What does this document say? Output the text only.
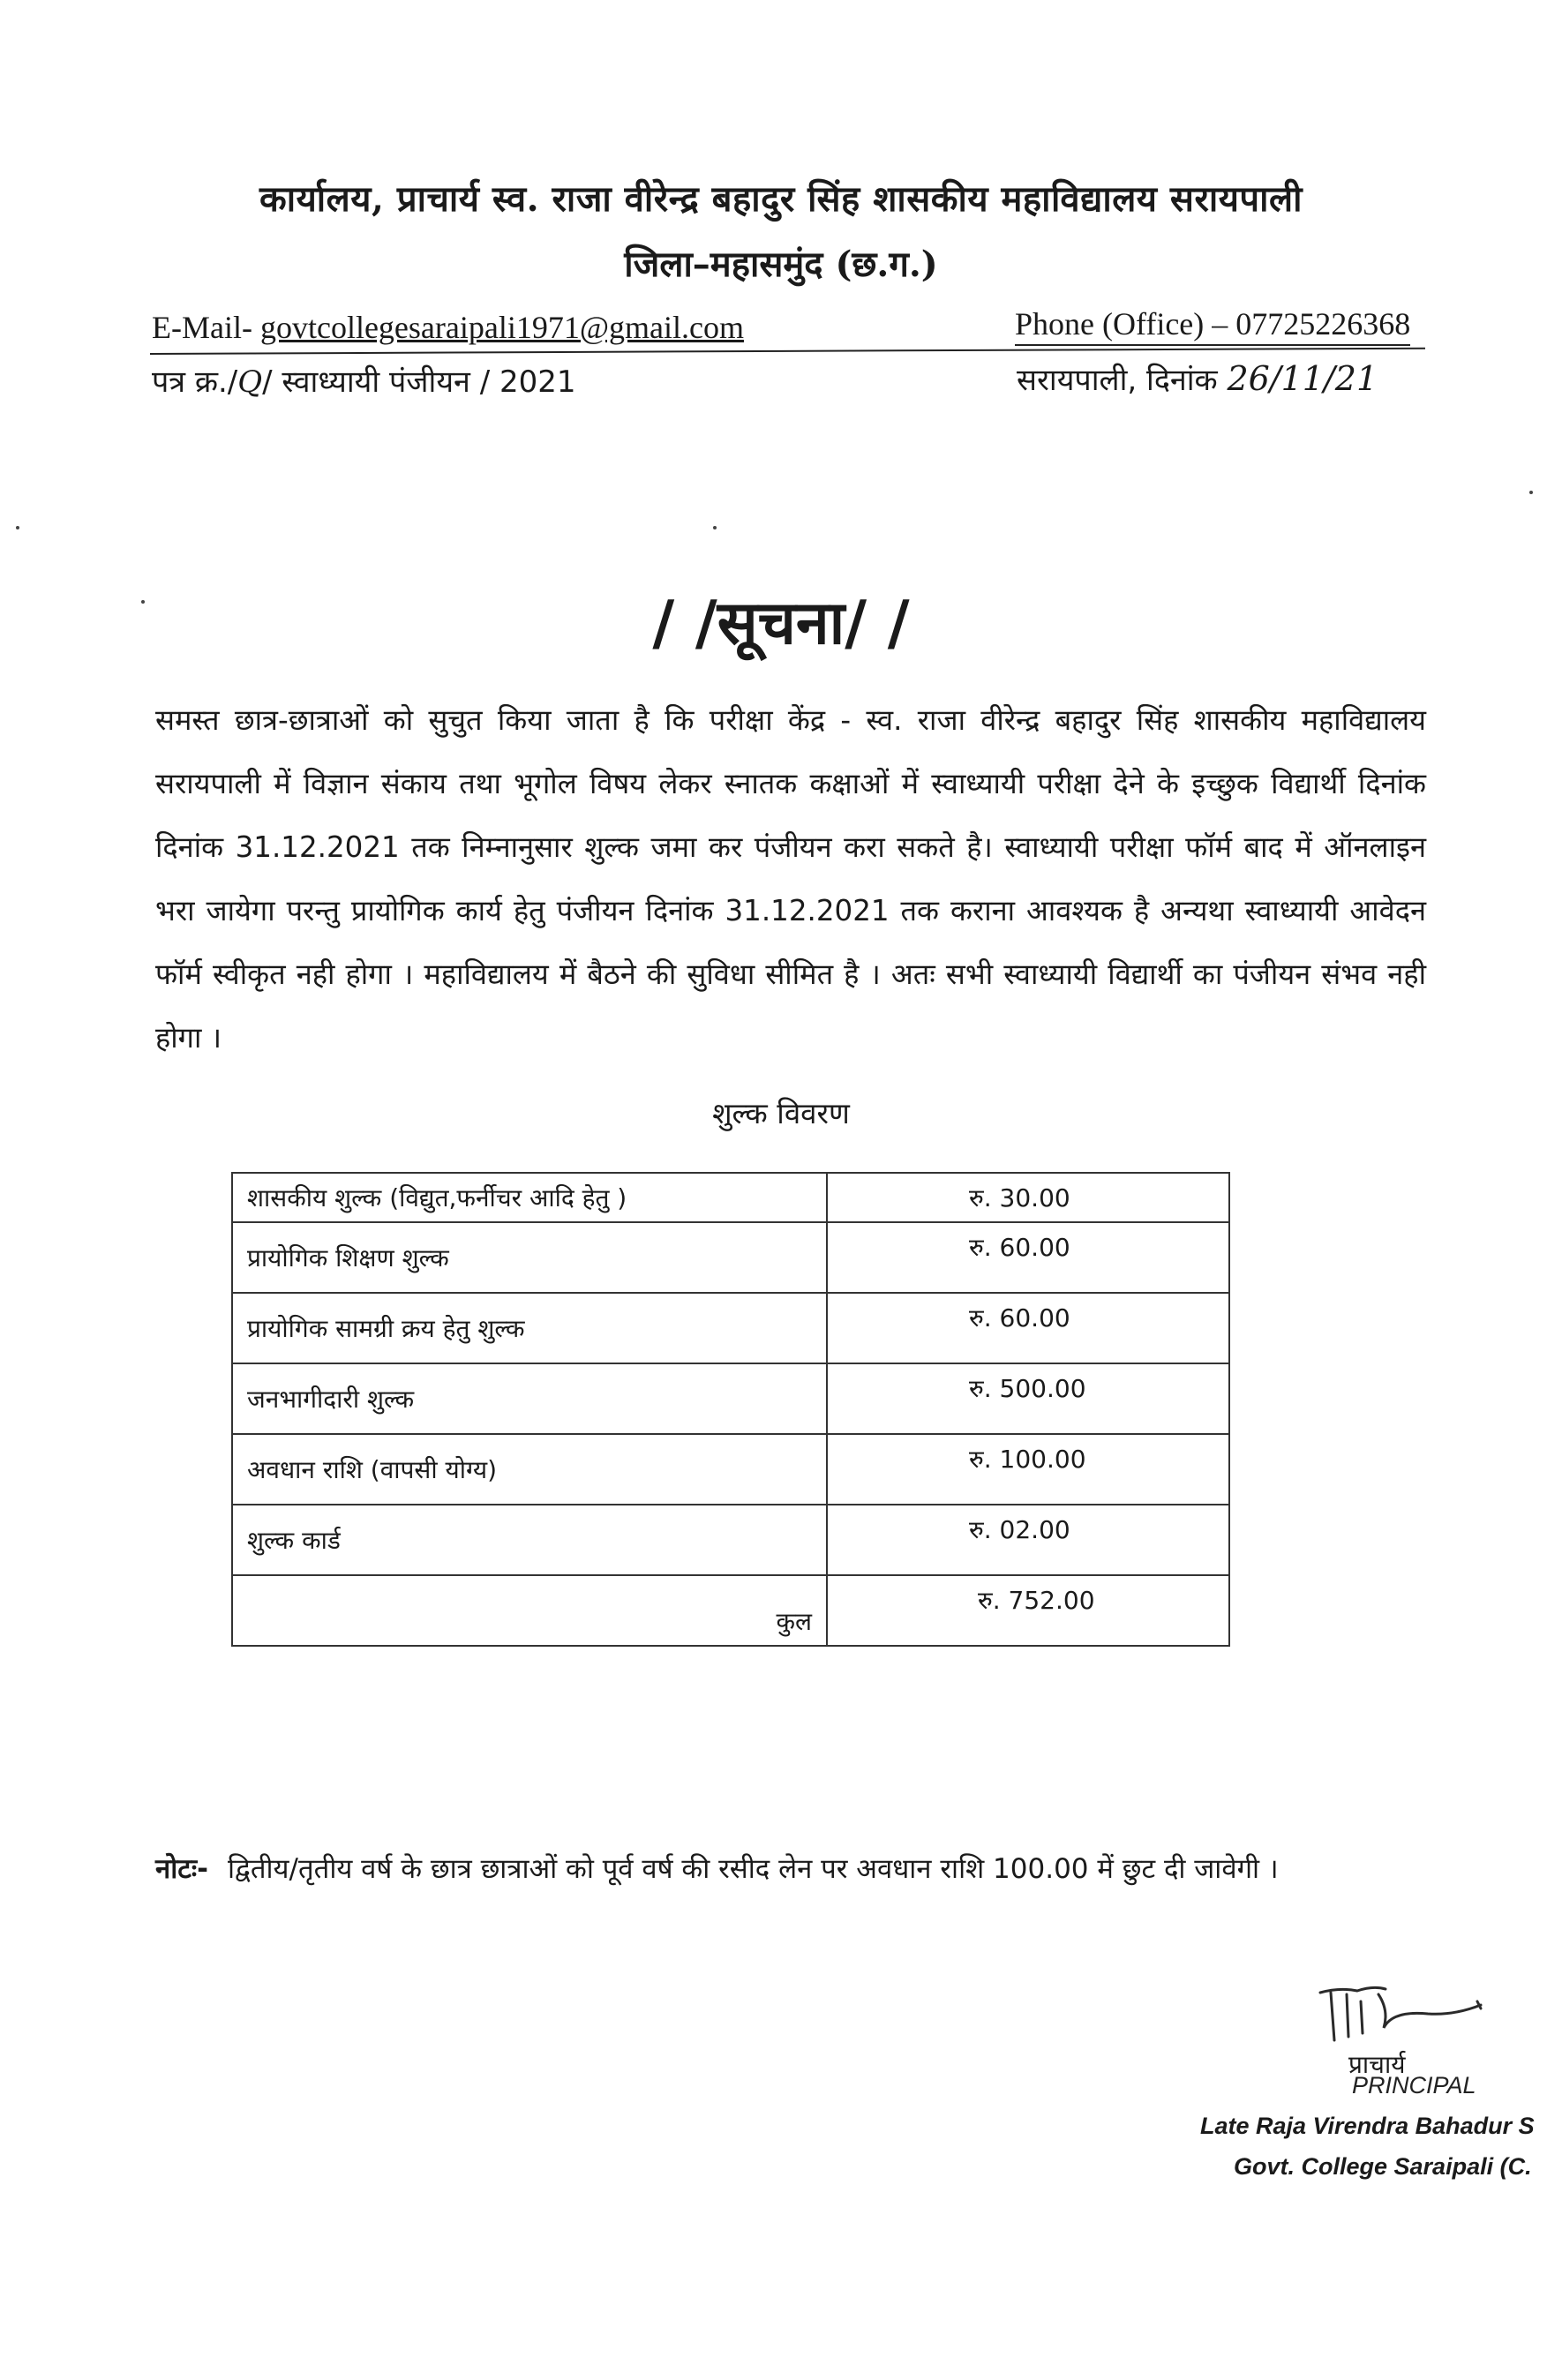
कार्यालय, प्राचार्य स्व. राजा वीरेन्द्र बहादुर सिंह शासकीय महाविद्यालय सरायपाली
जिला–महासमुंद (छ.ग.)
E-Mail- govtcollegesaraipali1971@gmail.com	Phone (Office) – 07725226368
पत्र क्र./Q/ स्वाध्यायी पंजीयन / 2021	सरायपाली, दिनांक 26/11/21
/ /सूचना/ /
समस्त छात्र-छात्राओं को सुचुत किया जाता है कि परीक्षा केंद्र - स्व. राजा वीरेन्द्र बहादुर सिंह शासकीय महाविद्यालय सरायपाली में विज्ञान संकाय तथा भूगोल विषय लेकर स्नातक कक्षाओं में स्वाध्यायी परीक्षा देने के इच्छुक विद्यार्थी दिनांक दिनांक 31.12.2021 तक निम्नानुसार शुल्क जमा कर पंजीयन करा सकते है। स्वाध्यायी परीक्षा फॉर्म बाद में ऑनलाइन भरा जायेगा परन्तु प्रायोगिक कार्य हेतु पंजीयन दिनांक 31.12.2021 तक कराना आवश्यक है अन्यथा स्वाध्यायी आवेदन फॉर्म स्वीकृत नही होगा । महाविद्यालय में बैठने की सुविधा सीमित है । अतः सभी स्वाध्यायी विद्यार्थी का पंजीयन संभव नही होगा ।
शुल्क विवरण
शासकीय शुल्क (विद्युत,फर्नीचर आदि हेतु )	रु. 30.00
प्रायोगिक शिक्षण शुल्क	रु. 60.00
प्रायोगिक सामग्री क्रय हेतु शुल्क	रु. 60.00
जनभागीदारी शुल्क	रु. 500.00
अवधान राशि (वापसी योग्य)	रु. 100.00
शुल्क कार्ड	रु. 02.00
कुल	रु. 752.00
नोटः- द्वितीय/तृतीय वर्ष के छात्र छात्राओं को पूर्व वर्ष की रसीद लेन पर अवधान राशि 100.00 में छुट दी जावेगी ।
प्राचार्य
PRINCIPAL
Late Raja Virendra Bahadur S
Govt. College Saraipali (C.
